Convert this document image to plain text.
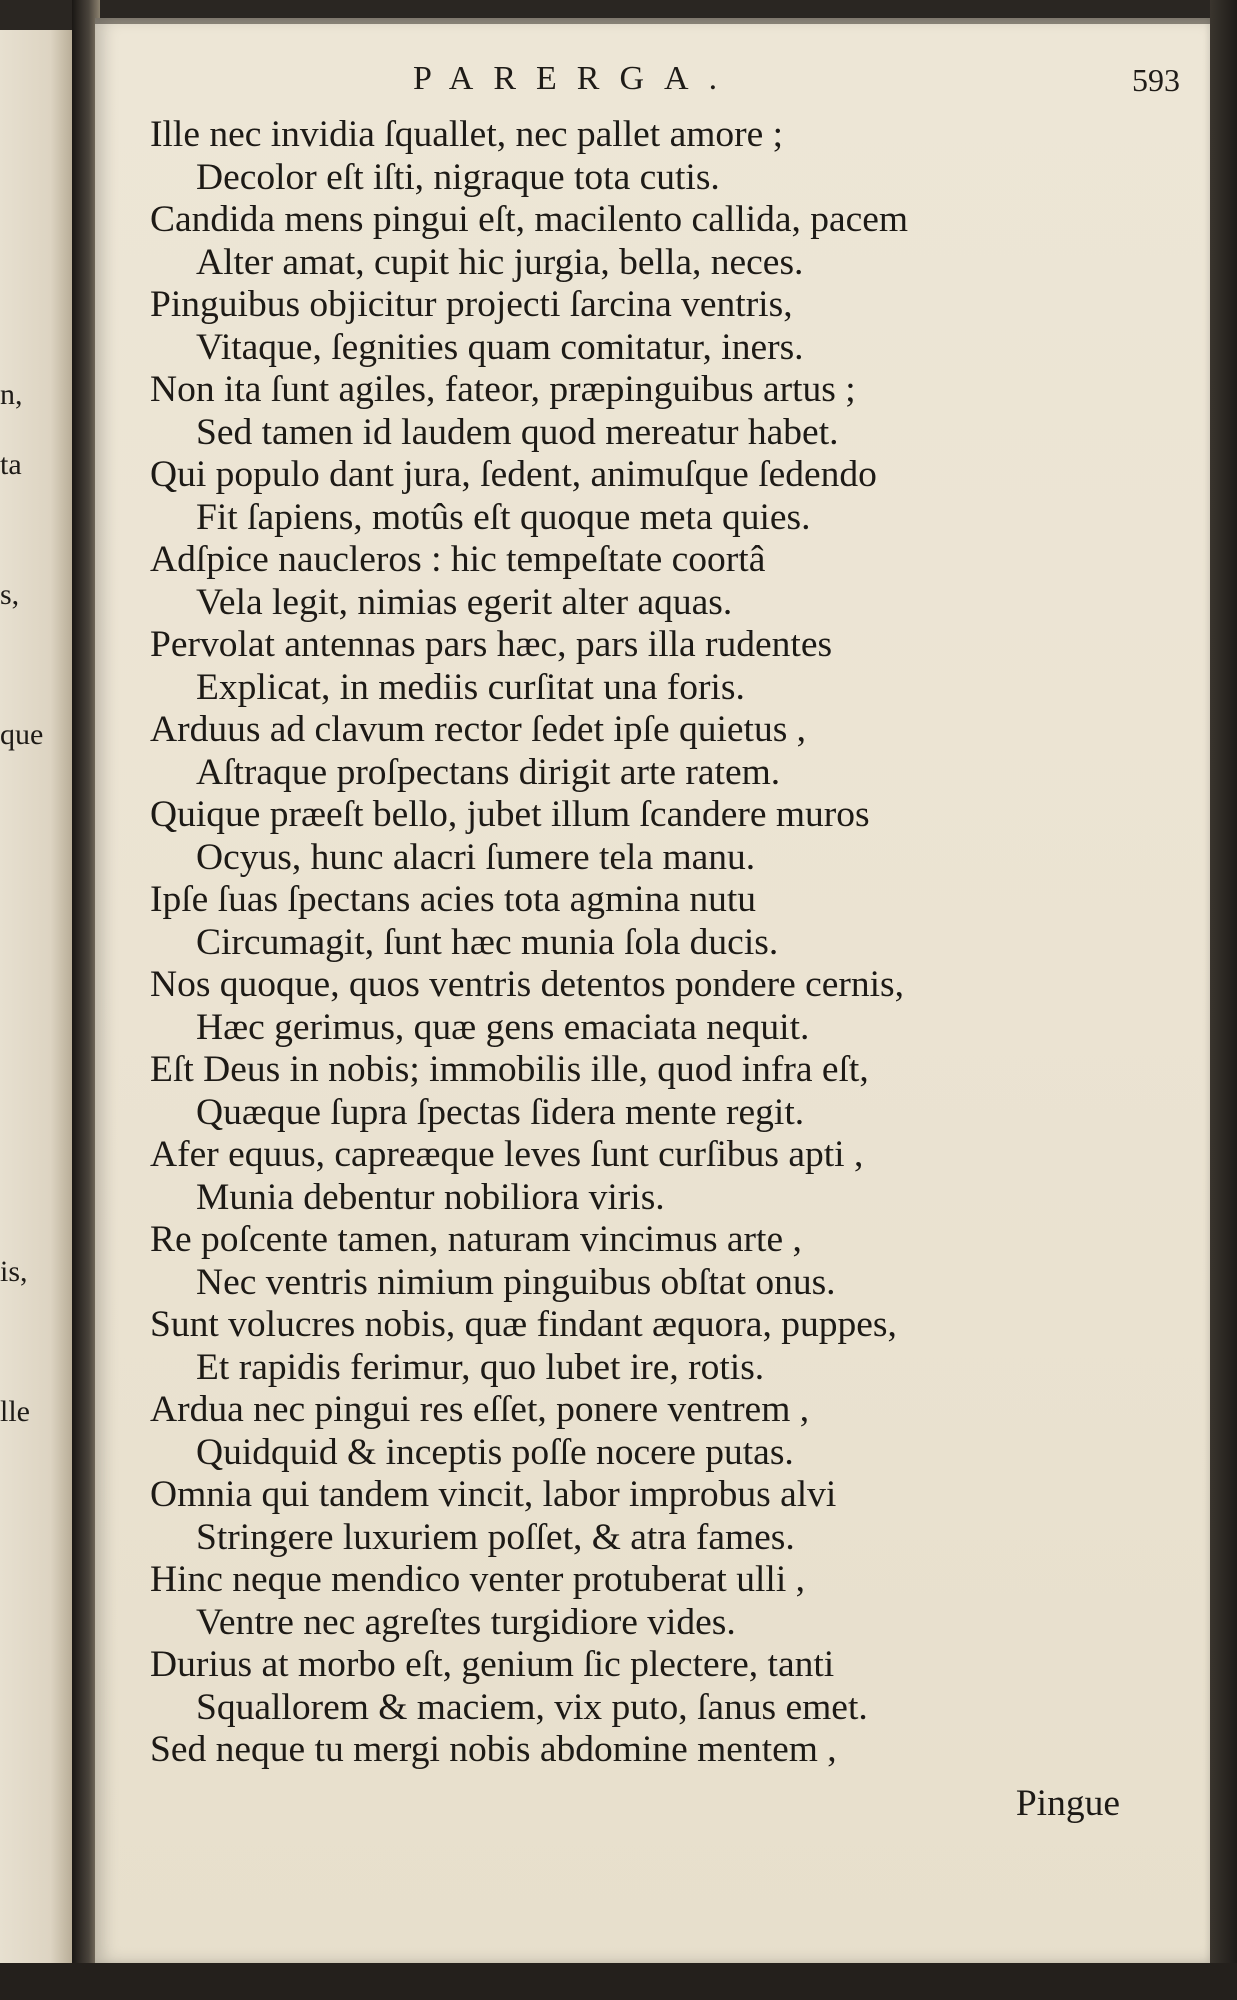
n,
ta
s,
que
is,
lle
PARERGA.	593
Ille nec invidia ſquallet, nec pallet amore ;
Decolor eſt iſti, nigraque tota cutis.
Candida mens pingui eſt, macilento callida, pacem
Alter amat, cupit hic jurgia, bella, neces.
Pinguibus objicitur projecti ſarcina ventris,
Vitaque, ſegnities quam comitatur, iners.
Non ita ſunt agiles, fateor, præpinguibus artus ;
Sed tamen id laudem quod mereatur habet.
Qui populo dant jura, ſedent, animuſque ſedendo
Fit ſapiens, motûs eſt quoque meta quies.
Adſpice naucleros : hic tempeſtate coortâ
Vela legit, nimias egerit alter aquas.
Pervolat antennas pars hæc, pars illa rudentes
Explicat, in mediis curſitat una foris.
Arduus ad clavum rector ſedet ipſe quietus ,
Aſtraque proſpectans dirigit arte ratem.
Quique præeſt bello, jubet illum ſcandere muros
Ocyus, hunc alacri ſumere tela manu.
Ipſe ſuas ſpectans acies tota agmina nutu
Circumagit, ſunt hæc munia ſola ducis.
Nos quoque, quos ventris detentos pondere cernis,
Hæc gerimus, quæ gens emaciata nequit.
Eſt Deus in nobis; immobilis ille, quod infra eſt,
Quæque ſupra ſpectas ſidera mente regit.
Afer equus, capreæque leves ſunt curſibus apti ,
Munia debentur nobiliora viris.
Re poſcente tamen, naturam vincimus arte ,
Nec ventris nimium pinguibus obſtat onus.
Sunt volucres nobis, quæ findant æquora, puppes,
Et rapidis ferimur, quo lubet ire, rotis.
Ardua nec pingui res eſſet, ponere ventrem ,
Quidquid & inceptis poſſe nocere putas.
Omnia qui tandem vincit, labor improbus alvi
Stringere luxuriem poſſet, & atra fames.
Hinc neque mendico venter protuberat ulli ,
Ventre nec agreſtes turgidiore vides.
Durius at morbo eſt, genium ſic plectere, tanti
Squallorem & maciem, vix puto, ſanus emet.
Sed neque tu mergi nobis abdomine mentem ,
Pingue
